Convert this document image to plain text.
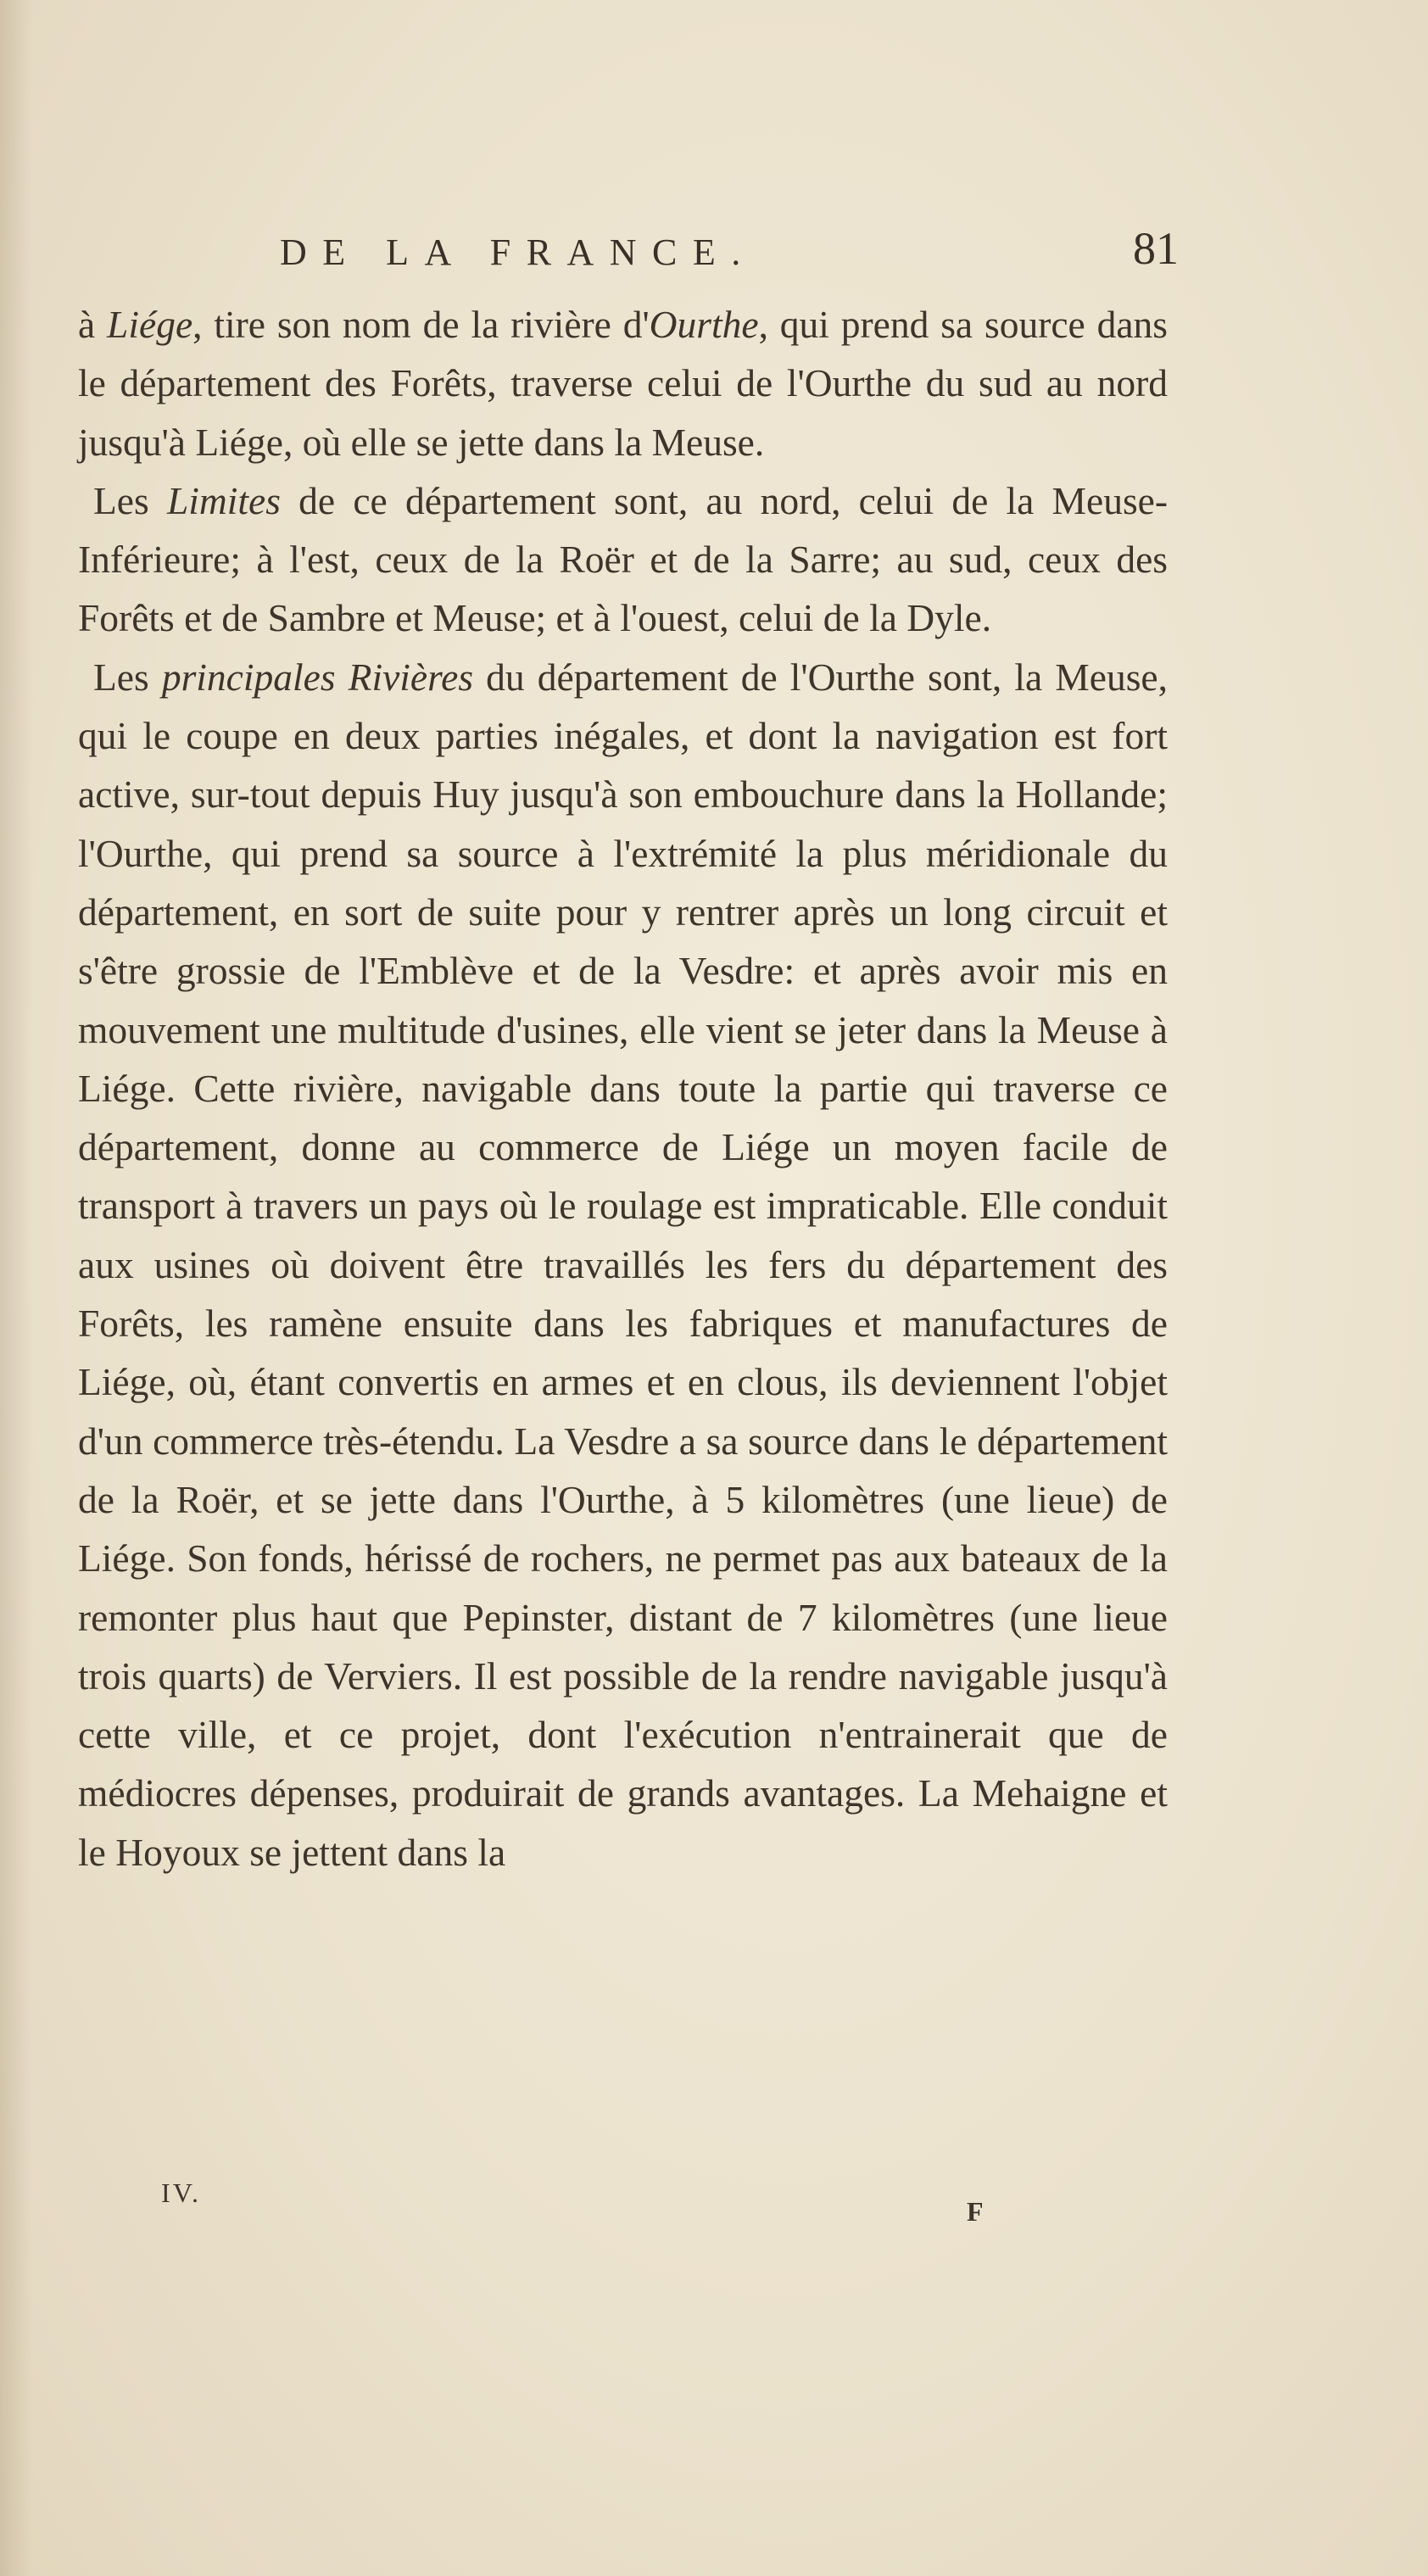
DE LA FRANCE.	81

à Liége, tire son nom de la rivière d'Ourthe, qui prend sa source dans le département des Forêts, traverse celui de l'Ourthe du sud au nord jusqu'à Liége, où elle se jette dans la Meuse.

Les Limites de ce département sont, au nord, celui de la Meuse-Inférieure; à l'est, ceux de la Roër et de la Sarre; au sud, ceux des Forêts et de Sambre et Meuse; et à l'ouest, celui de la Dyle.

Les principales Rivières du département de l'Ourthe sont, la Meuse, qui le coupe en deux parties inégales, et dont la navigation est fort active, sur-tout depuis Huy jusqu'à son embouchure dans la Hollande; l'Ourthe, qui prend sa source à l'extrémité la plus méridionale du département, en sort de suite pour y rentrer après un long circuit et s'être grossie de l'Emblève et de la Vesdre: et après avoir mis en mouvement une multitude d'usines, elle vient se jeter dans la Meuse à Liége. Cette rivière, navigable dans toute la partie qui traverse ce département, donne au commerce de Liége un moyen facile de transport à travers un pays où le roulage est impraticable. Elle conduit aux usines où doivent être travaillés les fers du département des Forêts, les ramène ensuite dans les fabriques et manufactures de Liége, où, étant convertis en armes et en clous, ils deviennent l'objet d'un commerce très-étendu. La Vesdre a sa source dans le département de la Roër, et se jette dans l'Ourthe, à 5 kilomètres (une lieue) de Liége. Son fonds, hérissé de rochers, ne permet pas aux bateaux de la remonter plus haut que Pepinster, distant de 7 kilomètres (une lieue trois quarts) de Verviers. Il est possible de la rendre navigable jusqu'à cette ville, et ce projet, dont l'exécution n'entrainerait que de médiocres dépenses, produirait de grands avantages. La Mehaigne et le Hoyoux se jettent dans la

IV.
F
